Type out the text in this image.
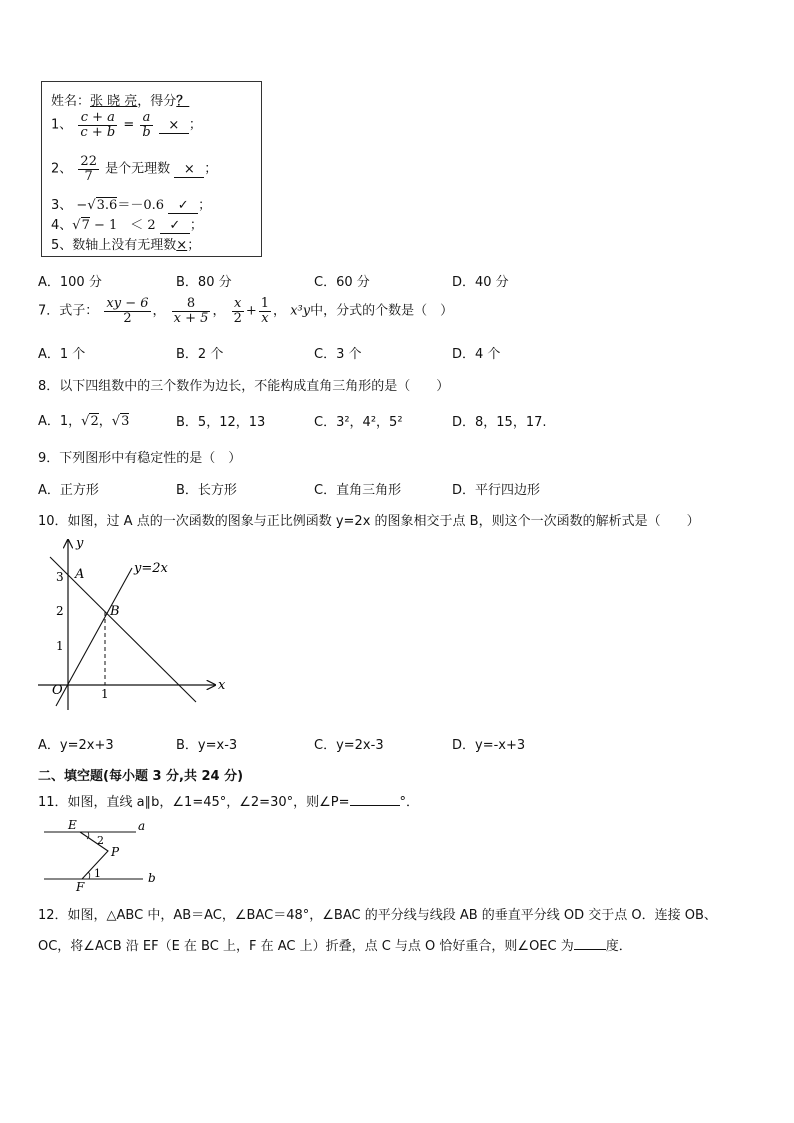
姓名：张 晓 亮，得分？
1、 $\frac{c + a}{c + b} = \frac{a}{b}$ × ；
2、 $\frac{22}{7}$ 是个无理数 × ；
3、 −√3.6＝－0.6 ✓ ；
4、√7 − 1　＜ 2 ✓ ；
5、数轴上没有无理数×；
A．100 分	B．80 分	C．60 分	D．40 分
7．式子： $\frac{xy - 6}{2}$ ， $\frac{8}{x + 5}$ ， $\frac{x}{2} + \frac{1}{x}$ ， x³y中，分式的个数是（　）
A．1 个	B．2 个	C．3 个	D．4 个
8．以下四组数中的三个数作为边长，不能构成直角三角形的是（　　）
A．1，√2，√3	B．5，12，13	C．3²，4²，5²	D．8，15，17.
9．下列图形中有稳定性的是（　）
A．正方形	B．长方形	C．直角三角形	D．平行四边形
10．如图，过 A 点的一次函数的图象与正比例函数 y=2x 的图象相交于点 B，则这个一次函数的解析式是（　　）
y
x
O
3
2
1
1
A
B
y=2x
A．y=2x+3	B．y=x-3	C．y=2x-3	D．y=-x+3
二、填空题(每小题 3 分,共 24 分)
11．如图，直线 a∥b，∠1=45°，∠2=30°，则∠P=	°．
E	a
2
P
1
F
b
12．如图，△ABC 中，AB＝AC，∠BAC＝48°，∠BAC 的平分线与线段 AB 的垂直平分线 OD 交于点 O．连接 OB、
OC，将∠ACB 沿 EF（E 在 BC 上，F 在 AC 上）折叠，点 C 与点 O 恰好重合，则∠OEC 为 度．
